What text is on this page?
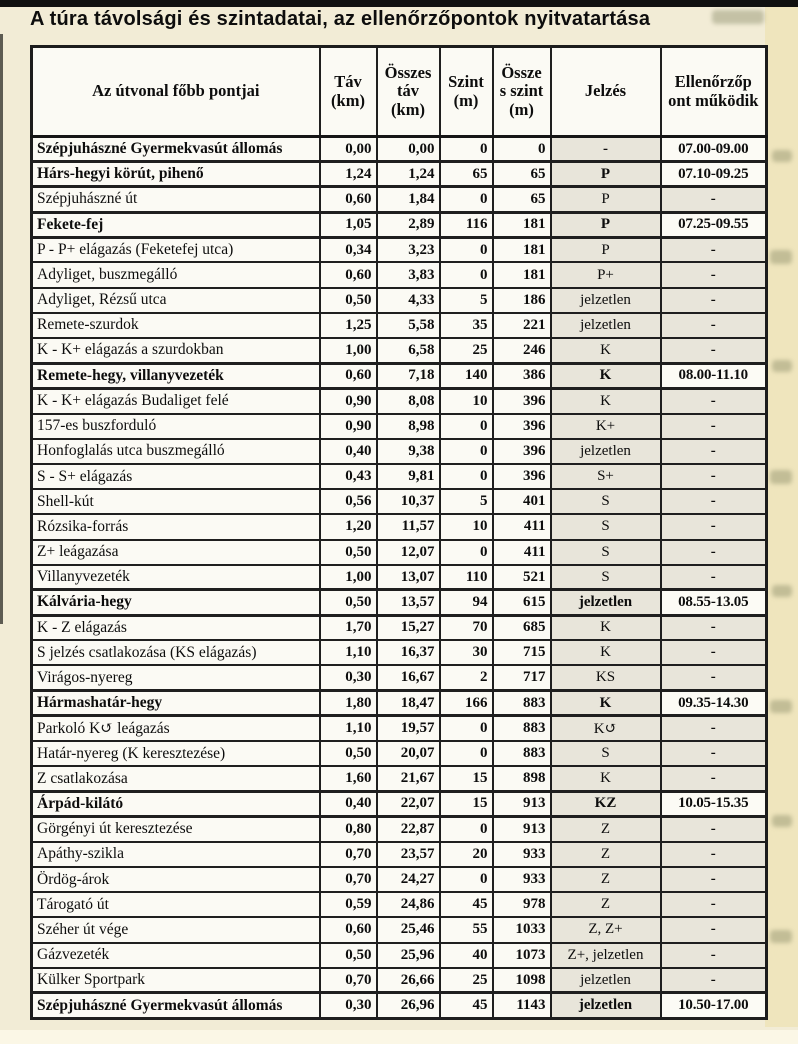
A túra távolsági és szintadatai, az ellenőrzőpontok nyitvatartása
Az útvonal főbb pontjai	Táv (km)	Összes táv (km)	Szint (m)	Össze s szint (m)	Jelzés	Ellenőrzőp ont működik
Szépjuhászné Gyermekvasút állomás	0,00	0,00	0	0	-	07.00-09.00
Hárs-hegyi körút, pihenő	1,24	1,24	65	65	P	07.10-09.25
Szépjuhászné út	0,60	1,84	0	65	P	-
Fekete-fej	1,05	2,89	116	181	P	07.25-09.55
P - P+ elágazás (Feketefej utca)	0,34	3,23	0	181	P	-
Adyliget, buszmegálló	0,60	3,83	0	181	P+	-
Adyliget, Rézsű utca	0,50	4,33	5	186	jelzetlen	-
Remete-szurdok	1,25	5,58	35	221	jelzetlen	-
K - K+ elágazás a szurdokban	1,00	6,58	25	246	K	-
Remete-hegy, villanyvezeték	0,60	7,18	140	386	K	08.00-11.10
K - K+ elágazás Budaliget felé	0,90	8,08	10	396	K	-
157-es buszforduló	0,90	8,98	0	396	K+	-
Honfoglalás utca buszmegálló	0,40	9,38	0	396	jelzetlen	-
S - S+ elágazás	0,43	9,81	0	396	S+	-
Shell-kút	0,56	10,37	5	401	S	-
Rózsika-forrás	1,20	11,57	10	411	S	-
Z+ leágazása	0,50	12,07	0	411	S	-
Villanyvezeték	1,00	13,07	110	521	S	-
Kálvária-hegy	0,50	13,57	94	615	jelzetlen	08.55-13.05
K - Z elágazás	1,70	15,27	70	685	K	-
S jelzés csatlakozása (KS elágazás)	1,10	16,37	30	715	K	-
Virágos-nyereg	0,30	16,67	2	717	KS	-
Hármashatár-hegy	1,80	18,47	166	883	K	09.35-14.30
Parkoló K↺ leágazás	1,10	19,57	0	883	K↺	-
Határ-nyereg (K keresztezése)	0,50	20,07	0	883	S	-
Z csatlakozása	1,60	21,67	15	898	K	-
Árpád-kilátó	0,40	22,07	15	913	KZ	10.05-15.35
Görgényi út keresztezése	0,80	22,87	0	913	Z	-
Apáthy-szikla	0,70	23,57	20	933	Z	-
Ördög-árok	0,70	24,27	0	933	Z	-
Tárogató út	0,59	24,86	45	978	Z	-
Széher út vége	0,60	25,46	55	1033	Z, Z+	-
Gázvezeték	0,50	25,96	40	1073	Z+, jelzetlen	-
Külker Sportpark	0,70	26,66	25	1098	jelzetlen	-
Szépjuhászné Gyermekvasút állomás	0,30	26,96	45	1143	jelzetlen	10.50-17.00
